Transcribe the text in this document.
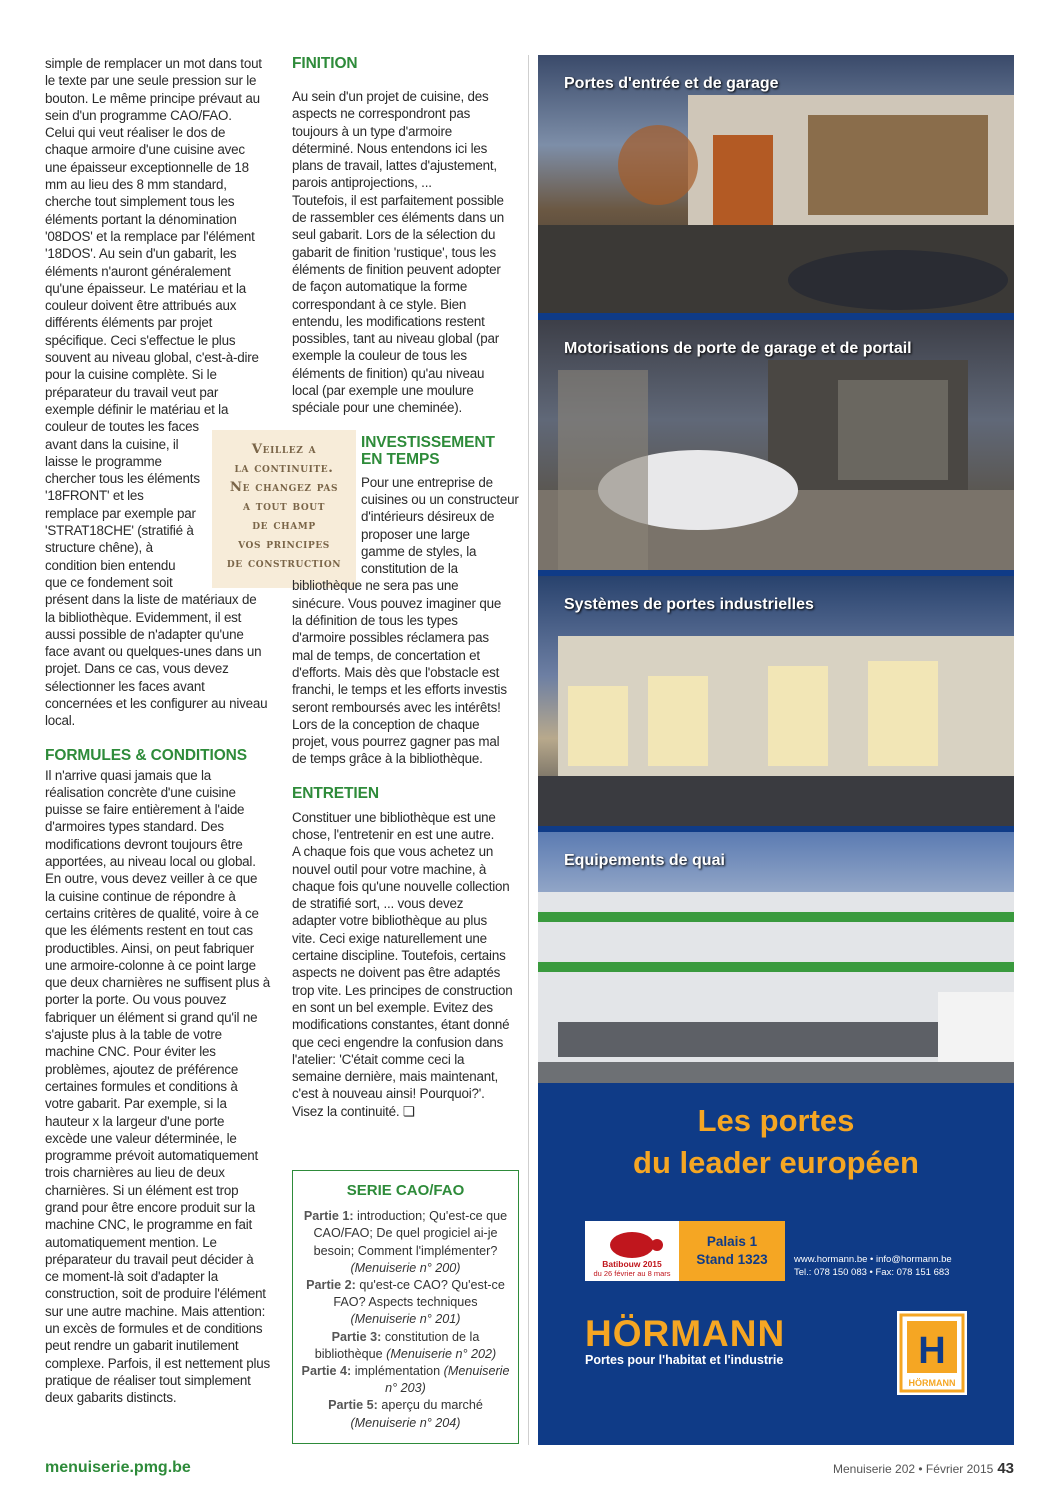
simple de remplacer un mot dans tout
le texte par une seule pression sur le
bouton. Le même principe prévaut au
sein d'un programme CAO/FAO.
Celui qui veut réaliser le dos de
chaque armoire d'une cuisine avec
une épaisseur exceptionnelle de 18
mm au lieu des 8 mm standard,
cherche tout simplement tous les
éléments portant la dénomination
'08DOS' et la remplace par l'élément
'18DOS'. Au sein d'un gabarit, les
éléments n'auront généralement
qu'une épaisseur. Le matériau et la
couleur doivent être attribués aux
différents éléments par projet
spécifique. Ceci s'effectue le plus
souvent au niveau global, c'est-à-dire
pour la cuisine complète. Si le
préparateur du travail veut par
exemple définir le matériau et la
couleur de toutes les faces

avant dans la cuisine, il
laisse le programme
chercher tous les éléments
'18FRONT' et les
remplace par exemple par
'STRAT18CHE' (stratifié à
structure chêne), à
condition bien entendu
que ce fondement soit

présent dans la liste de matériaux de
la bibliothèque. Evidemment, il est
aussi possible de n'adapter qu'une
face avant ou quelques-unes dans un
projet. Dans ce cas, vous devez
sélectionner les faces avant
concernées et les configurer au niveau
local.

FORMULES & CONDITIONS

Il n'arrive quasi jamais que la
réalisation concrète d'une cuisine
puisse se faire entièrement à l'aide
d'armoires types standard. Des
modifications devront toujours être
apportées, au niveau local ou global.
En outre, vous devez veiller à ce que
la cuisine continue de répondre à
certains critères de qualité, voire à ce
que les éléments restent en tout cas
productibles. Ainsi, on peut fabriquer
une armoire-colonne à ce point large
que deux charnières ne suffisent plus à
porter la porte. Ou vous pouvez
fabriquer un élément si grand qu'il ne
s'ajuste plus à la table de votre
machine CNC. Pour éviter les
problèmes, ajoutez de préférence
certaines formules et conditions à
votre gabarit. Par exemple, si la
hauteur x la largeur d'une porte
excède une valeur déterminée, le
programme prévoit automatiquement
trois charnières au lieu de deux
charnières. Si un élément est trop
grand pour être encore produit sur la
machine CNC, le programme en fait
automatiquement mention. Le
préparateur du travail peut décider à
ce moment-là soit d'adapter la
construction, soit de produire l'élément
sur une autre machine. Mais attention:
un excès de formules et de conditions
peut rendre un gabarit inutilement
complexe. Parfois, il est nettement plus
pratique de réaliser tout simplement
deux gabarits distincts.

Veillez a
la continuite.
Ne changez pas
a tout bout
de champ
vos principes
de construction
FINITION

Au sein d'un projet de cuisine, des
aspects ne correspondront pas
toujours à un type d'armoire
déterminé. Nous entendons ici les
plans de travail, lattes d'ajustement,
parois antiprojections, ...
Toutefois, il est parfaitement possible
de rassembler ces éléments dans un
seul gabarit. Lors de la sélection du
gabarit de finition 'rustique', tous les
éléments de finition peuvent adopter
de façon automatique la forme
correspondant à ce style. Bien
entendu, les modifications restent
possibles, tant au niveau global (par
exemple la couleur de tous les
éléments de finition) qu'au niveau
local (par exemple une moulure
spéciale pour une cheminée).

INVESTISSEMENT
EN TEMPS

Pour une entreprise de
cuisines ou un constructeur
d'intérieurs désireux de
proposer une large
gamme de styles, la
constitution de la

bibliothèque ne sera pas une
sinécure. Vous pouvez imaginer que
la définition de tous les types
d'armoire possibles réclamera pas
mal de temps, de concertation et
d'efforts. Mais dès que l'obstacle est
franchi, le temps et les efforts investis
seront remboursés avec les intérêts!
Lors de la conception de chaque
projet, vous pourrez gagner pas mal
de temps grâce à la bibliothèque.

ENTRETIEN

Constituer une bibliothèque est une
chose, l'entretenir en est une autre.
A chaque fois que vous achetez un
nouvel outil pour votre machine, à
chaque fois qu'une nouvelle collection
de stratifié sort, ... vous devez
adapter votre bibliothèque au plus
vite. Ceci exige naturellement une
certaine discipline. Toutefois, certains
aspects ne doivent pas être adaptés
trop vite. Les principes de construction
en sont un bel exemple. Evitez des
modifications constantes, étant donné
que ceci engendre la confusion dans
l'atelier: 'C'était comme ceci la
semaine dernière, mais maintenant,
c'est à nouveau ainsi! Pourquoi?'.
Visez la continuité. ❏

SERIE CAO/FAO
Partie 1: introduction; Qu'est-ce que CAO/FAO; De quel progiciel ai-je besoin; Comment l'implémenter? (Menuiserie n° 200)
Partie 2: qu'est-ce CAO? Qu'est-ce FAO? Aspects techniques (Menuiserie n° 201)
Partie 3: constitution de la bibliothèque (Menuiserie n° 202)
Partie 4: implémentation (Menuiserie n° 203)
Partie 5: aperçu du marché (Menuiserie n° 204)
Portes d'entrée et de garage
Motorisations de porte de garage et de portail
Systèmes de portes industrielles
Equipements de quai
Les portes
du leader européen
Batibouw 2015
du 26 février au 8 mars
Palais 1
Stand 1323	www.hormann.be • info@hormann.be
Tel.: 078 150 083 • Fax: 078 151 683
HÖRMANN
Portes pour l'habitat et l'industrie	H
HÖRMANN
menuiserie.pmg.be	Menuiserie 202 • Février 2015 43
